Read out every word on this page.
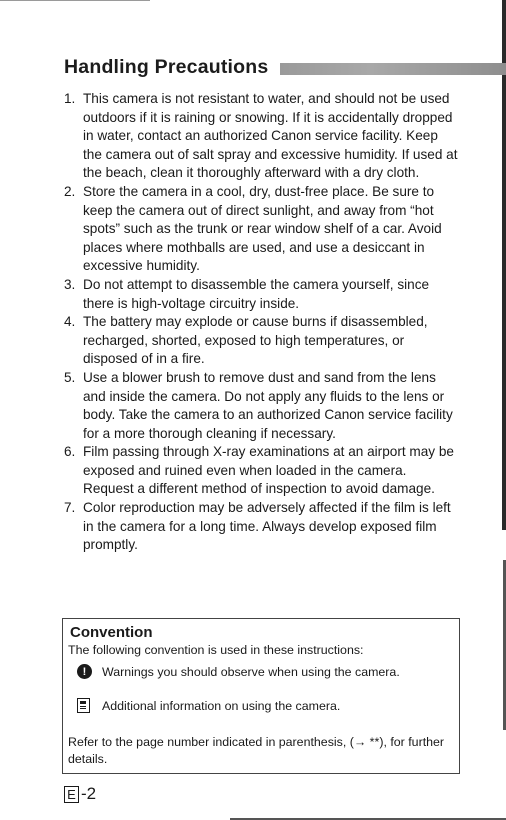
Handling Precautions
1. This camera is not resistant to water, and should not be used outdoors if it is raining or snowing. If it is accidentally dropped in water, contact an authorized Canon service facility. Keep the camera out of salt spray and excessive humidity. If used at the beach, clean it thoroughly afterward with a dry cloth.
2. Store the camera in a cool, dry, dust-free place. Be sure to keep the camera out of direct sunlight, and away from “hot spots” such as the trunk or rear window shelf of a car. Avoid places where mothballs are used, and use a desiccant in excessive humidity.
3. Do not attempt to disassemble the camera yourself, since there is high-voltage circuitry inside.
4. The battery may explode or cause burns if disassembled, recharged, shorted, exposed to high temperatures, or disposed of in a fire.
5. Use a blower brush to remove dust and sand from the lens and inside the camera. Do not apply any fluids to the lens or body. Take the camera to an authorized Canon service facility for a more thorough cleaning if necessary.
6. Film passing through X-ray examinations at an airport may be exposed and ruined even when loaded in the camera. Request a different method of inspection to avoid damage.
7. Color reproduction may be adversely affected if the film is left in the camera for a long time. Always develop exposed film promptly.
Convention
The following convention is used in these instructions:
!	Warnings you should observe when using the camera.
Additional information on using the camera.
Refer to the page number indicated in parenthesis, (→ **), for further details.
E -2
